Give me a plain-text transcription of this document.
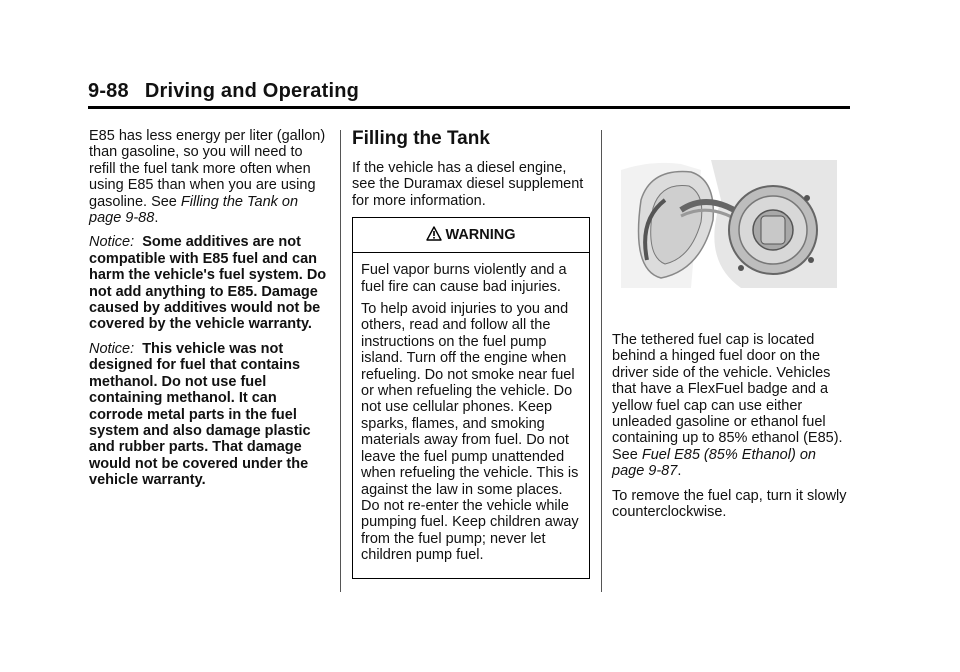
9-88 Driving and Operating

E85 has less energy per liter (gallon) than gasoline, so you will need to refill the fuel tank more often when using E85 than when you are using gasoline. See Filling the Tank on page 9-88.

Notice: Some additives are not compatible with E85 fuel and can harm the vehicle's fuel system. Do not add anything to E85. Damage caused by additives would not be covered by the vehicle warranty.

Notice: This vehicle was not designed for fuel that contains methanol. Do not use fuel containing methanol. It can corrode metal parts in the fuel system and also damage plastic and rubber parts. That damage would not be covered under the vehicle warranty.

Filling the Tank

If the vehicle has a diesel engine, see the Duramax diesel supplement for more information.

WARNING

Fuel vapor burns violently and a fuel fire can cause bad injuries.

To help avoid injuries to you and others, read and follow all the instructions on the fuel pump island. Turn off the engine when refueling. Do not smoke near fuel or when refueling the vehicle. Do not use cellular phones. Keep sparks, flames, and smoking materials away from fuel. Do not leave the fuel pump unattended when refueling the vehicle. This is against the law in some places. Do not re-enter the vehicle while pumping fuel. Keep children away from the fuel pump; never let children pump fuel.

The tethered fuel cap is located behind a hinged fuel door on the driver side of the vehicle. Vehicles that have a FlexFuel badge and a yellow fuel cap can use either unleaded gasoline or ethanol fuel containing up to 85% ethanol (E85). See Fuel E85 (85% Ethanol) on page 9-87.

To remove the fuel cap, turn it slowly counterclockwise.
